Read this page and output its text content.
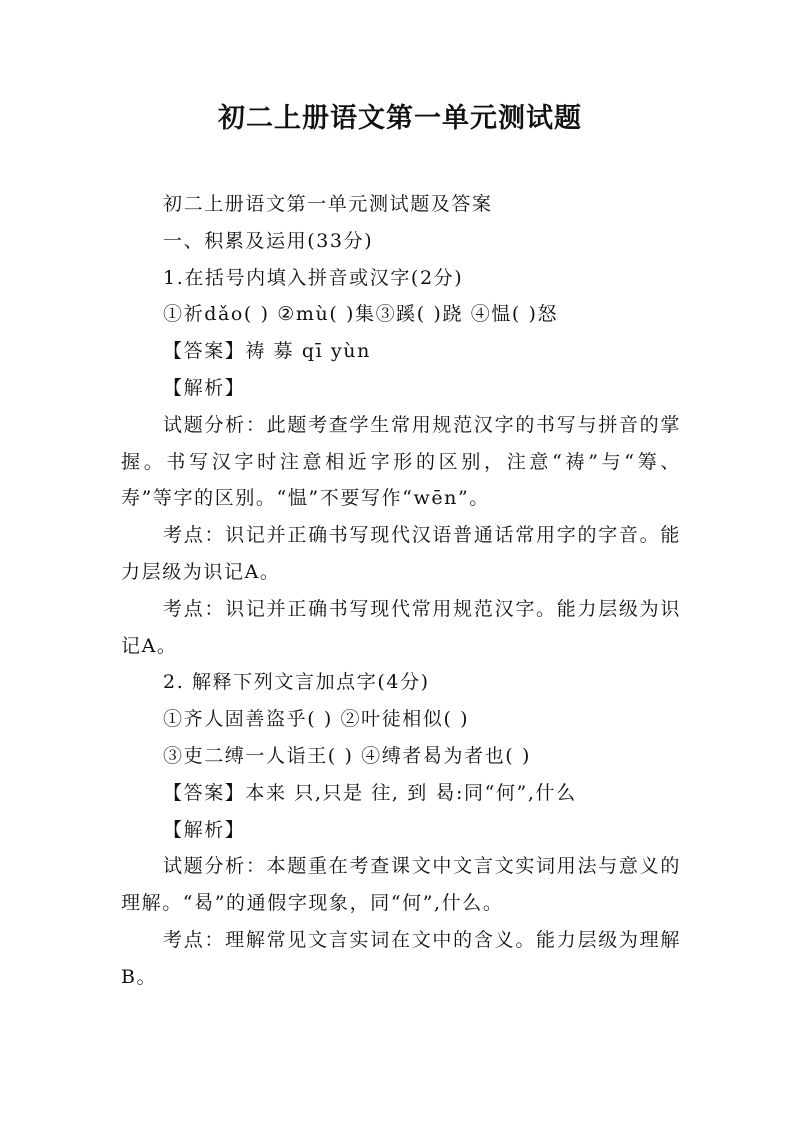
初二上册语文第一单元测试题

初二上册语文第一单元测试题及答案

一、积累及运用(33分)

1.在括号内填入拼音或汉字(2分)

①祈dǎo( ) ②mù( )集③蹊( )跷 ④愠( )怒

【答案】祷 募 qī yùn

【解析】

试题分析：此题考查学生常用规范汉字的书写与拼音的掌握。书写汉字时注意相近字形的区别，注意“祷”与“筹、寿”等字的区别。“愠”不要写作“wēn”。

考点：识记并正确书写现代汉语普通话常用字的字音。能力层级为识记A。

考点：识记并正确书写现代常用规范汉字。能力层级为识记A。

2. 解释下列文言加点字(4分)

①齐人固善盗乎( ) ②叶徒相似( )

③吏二缚一人诣王( ) ④缚者曷为者也( )

【答案】本来 只,只是 往, 到 曷:同“何”,什么

【解析】

试题分析：本题重在考查课文中文言文实词用法与意义的理解。“曷”的通假字现象，同“何”,什么。

考点：理解常见文言实词在文中的含义。能力层级为理解B。
